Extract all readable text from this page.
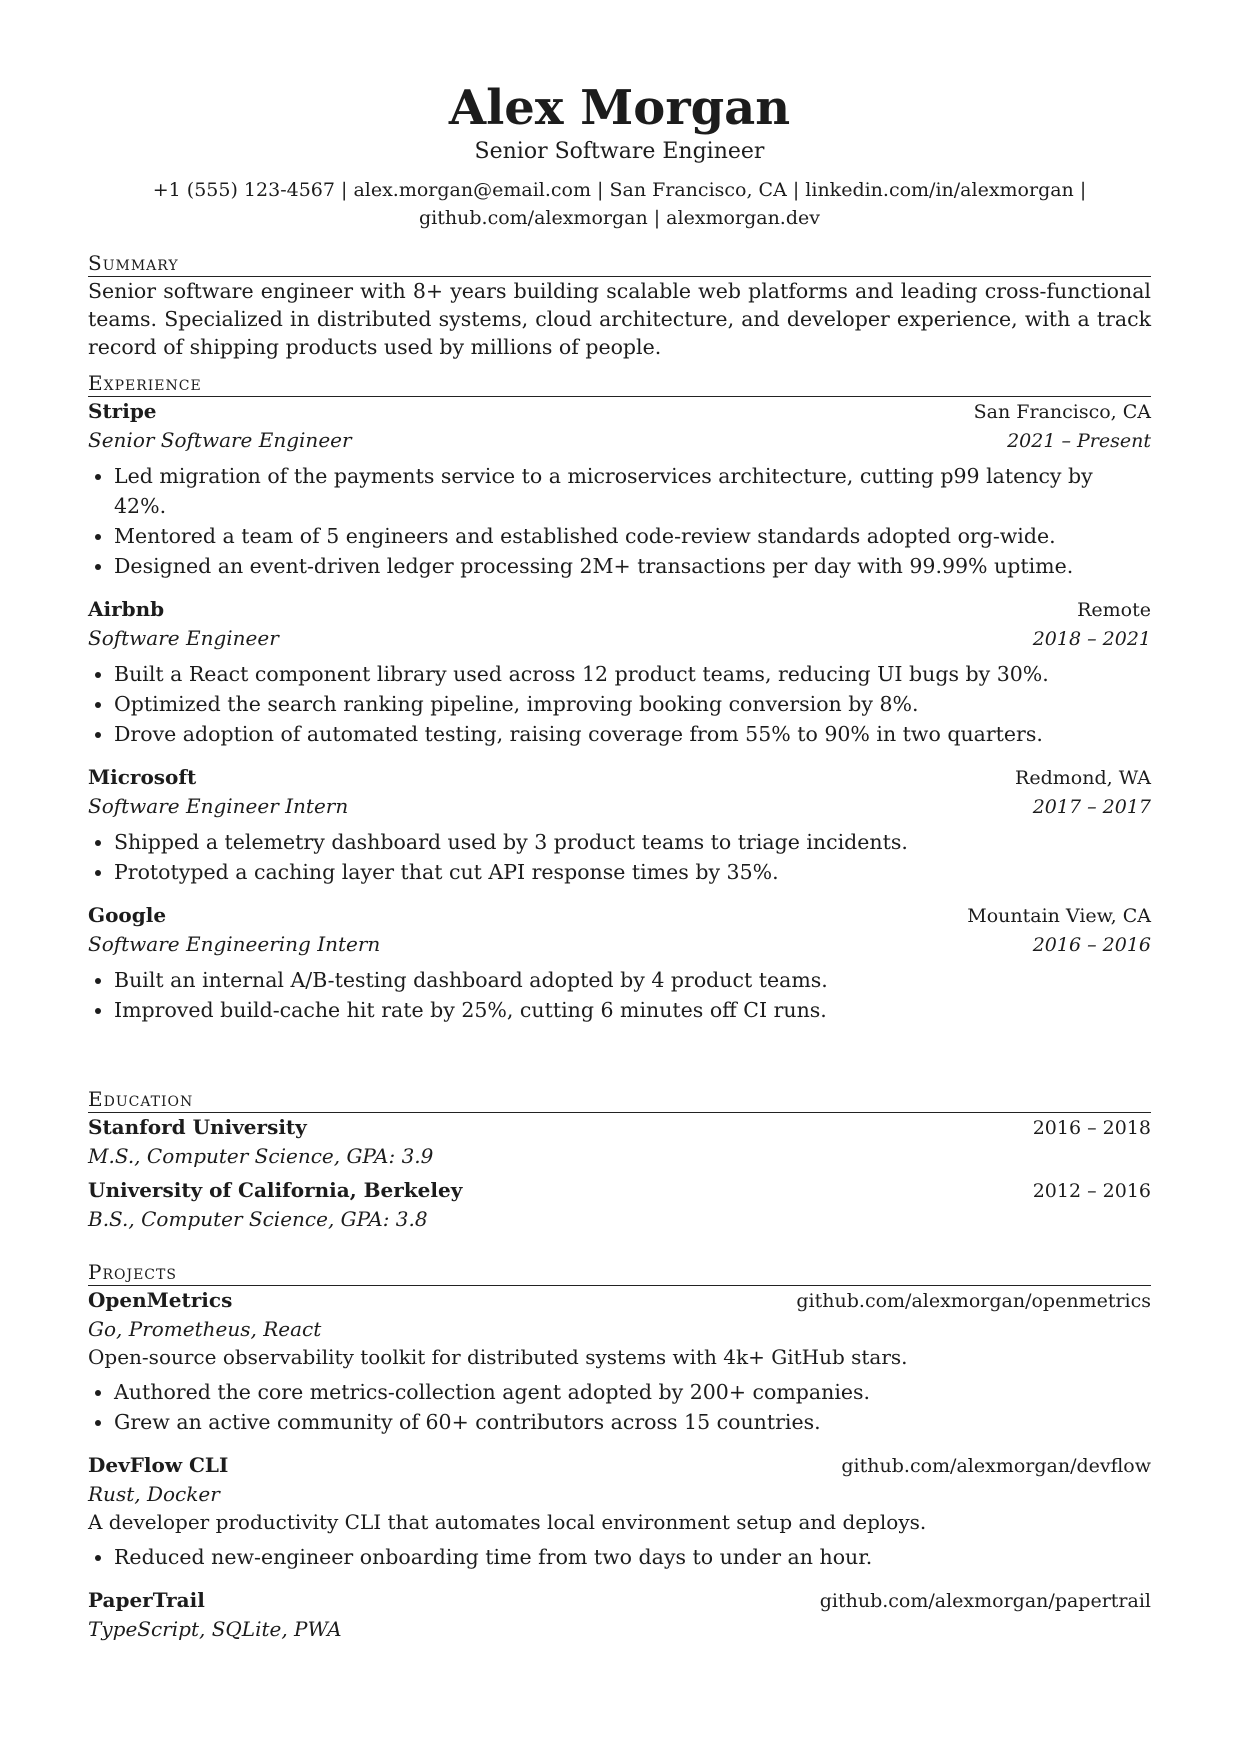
Alex Morgan
Senior Software Engineer
+1 (555) 123-4567 | alex.morgan@email.com | San Francisco, CA | linkedin.com/in/alexmorgan |
github.com/alexmorgan | alexmorgan.dev
Summary

Senior software engineer with 8+ years building scalable web platforms and leading cross-functional teams. Specialized in distributed systems, cloud architecture, and developer experience, with a track record of shipping products used by millions of people.

Experience
Stripe	San Francisco, CA
Senior Software Engineer	2021 – Present
• Led migration of the payments service to a microservices architecture, cutting p99 latency by 42%.
• Mentored a team of 5 engineers and established code-review standards adopted org-wide.
• Designed an event-driven ledger processing 2M+ transactions per day with 99.99% uptime.
Airbnb	Remote
Software Engineer	2018 – 2021
• Built a React component library used across 12 product teams, reducing UI bugs by 30%.
• Optimized the search ranking pipeline, improving booking conversion by 8%.
• Drove adoption of automated testing, raising coverage from 55% to 90% in two quarters.
Microsoft	Redmond, WA
Software Engineer Intern	2017 – 2017
• Shipped a telemetry dashboard used by 3 product teams to triage incidents.
• Prototyped a caching layer that cut API response times by 35%.
Google	Mountain View, CA
Software Engineering Intern	2016 – 2016
• Built an internal A/B-testing dashboard adopted by 4 product teams.
• Improved build-cache hit rate by 25%, cutting 6 minutes off CI runs.
Education
Stanford University	2016 – 2018
M.S., Computer Science, GPA: 3.9
University of California, Berkeley	2012 – 2016
B.S., Computer Science, GPA: 3.8
Projects
OpenMetrics	github.com/alexmorgan/openmetrics
Go, Prometheus, React
Open-source observability toolkit for distributed systems with 4k+ GitHub stars.
• Authored the core metrics-collection agent adopted by 200+ companies.
• Grew an active community of 60+ contributors across 15 countries.
DevFlow CLI	github.com/alexmorgan/devflow
Rust, Docker
A developer productivity CLI that automates local environment setup and deploys.
• Reduced new-engineer onboarding time from two days to under an hour.
PaperTrail	github.com/alexmorgan/papertrail
TypeScript, SQLite, PWA
